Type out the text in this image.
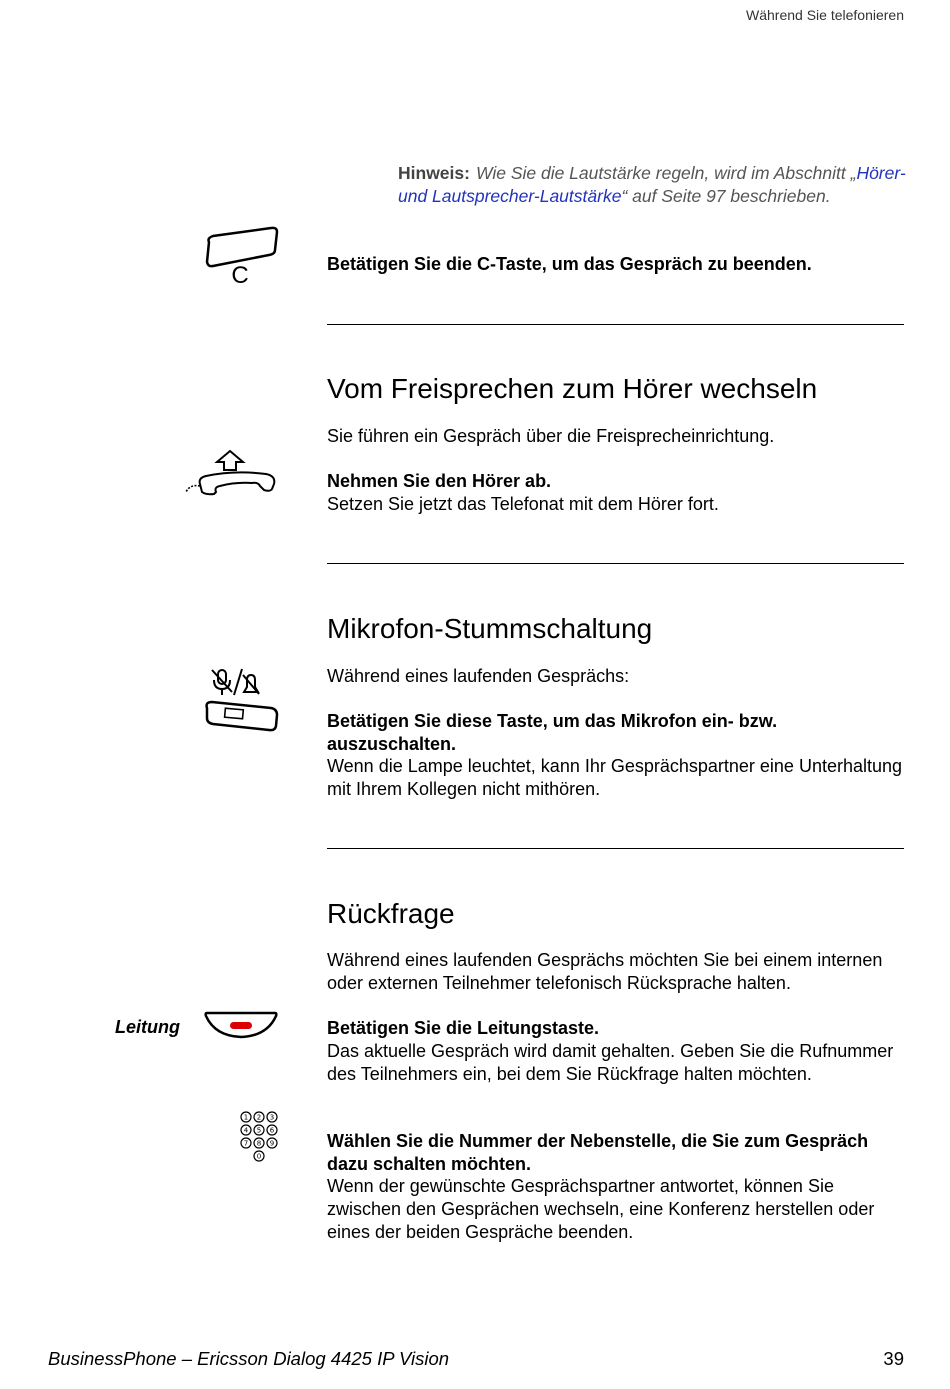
Während Sie telefonieren
Hinweis: Wie Sie die Lautstärke regeln, wird im Abschnitt „Hörer- und Lautsprecher-Lautstärke“ auf Seite 97 beschrieben.
C	Betätigen Sie die C-Taste, um das Gespräch zu beenden.
Vom Freisprechen zum Hörer wechseln
Sie führen ein Gespräch über die Freisprecheinrichtung.
Nehmen Sie den Hörer ab.
Setzen Sie jetzt das Telefonat mit dem Hörer fort.
Mikrofon-Stummschaltung
Während eines laufenden Gesprächs:
Betätigen Sie diese Taste, um das Mikrofon ein- bzw. auszuschalten.
Wenn die Lampe leuchtet, kann Ihr Gesprächspartner eine Unterhaltung mit Ihrem Kollegen nicht mithören.
Rückfrage
Während eines laufenden Gesprächs möchten Sie bei einem internen oder externen Teilnehmer telefonisch Rücksprache halten.
Leitung	Betätigen Sie die Leitungstaste.
Das aktuelle Gespräch wird damit gehalten. Geben Sie die Rufnummer des Teilnehmers ein, bei dem Sie Rückfrage halten möchten.
1 2 3
4 5 6
7 8 9
0
Wählen Sie die Nummer der Nebenstelle, die Sie zum Gespräch dazu schalten möchten.
Wenn der gewünschte Gesprächspartner antwortet, können Sie zwischen den Gesprächen wechseln, eine Konferenz herstellen oder eines der beiden Gespräche beenden.
BusinessPhone – Ericsson Dialog 4425 IP Vision	39
